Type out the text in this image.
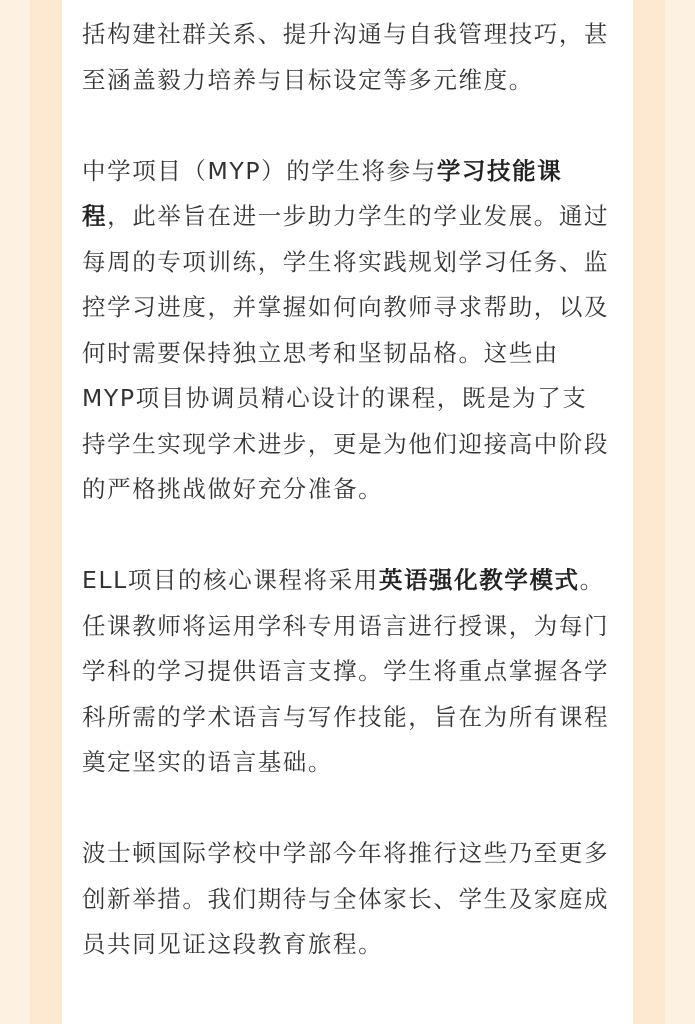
括构建社群关系、提升沟通与自我管理技巧，甚至涵盖毅力培养与目标设定等多元维度。

中学项目（MYP）的学生将参与学习技能课程，此举旨在进一步助力学生的学业发展。通过每周的专项训练，学生将实践规划学习任务、监控学习进度，并掌握如何向教师寻求帮助，以及何时需要保持独立思考和坚韧品格。这些由MYP项目协调员精心设计的课程，既是为了支持学生实现学术进步，更是为他们迎接高中阶段的严格挑战做好充分准备。

ELL项目的核心课程将采用英语强化教学模式。任课教师将运用学科专用语言进行授课，为每门学科的学习提供语言支撑。学生将重点掌握各学科所需的学术语言与写作技能，旨在为所有课程奠定坚实的语言基础。

波士顿国际学校中学部今年将推行这些乃至更多创新举措。我们期待与全体家长、学生及家庭成员共同见证这段教育旅程。
